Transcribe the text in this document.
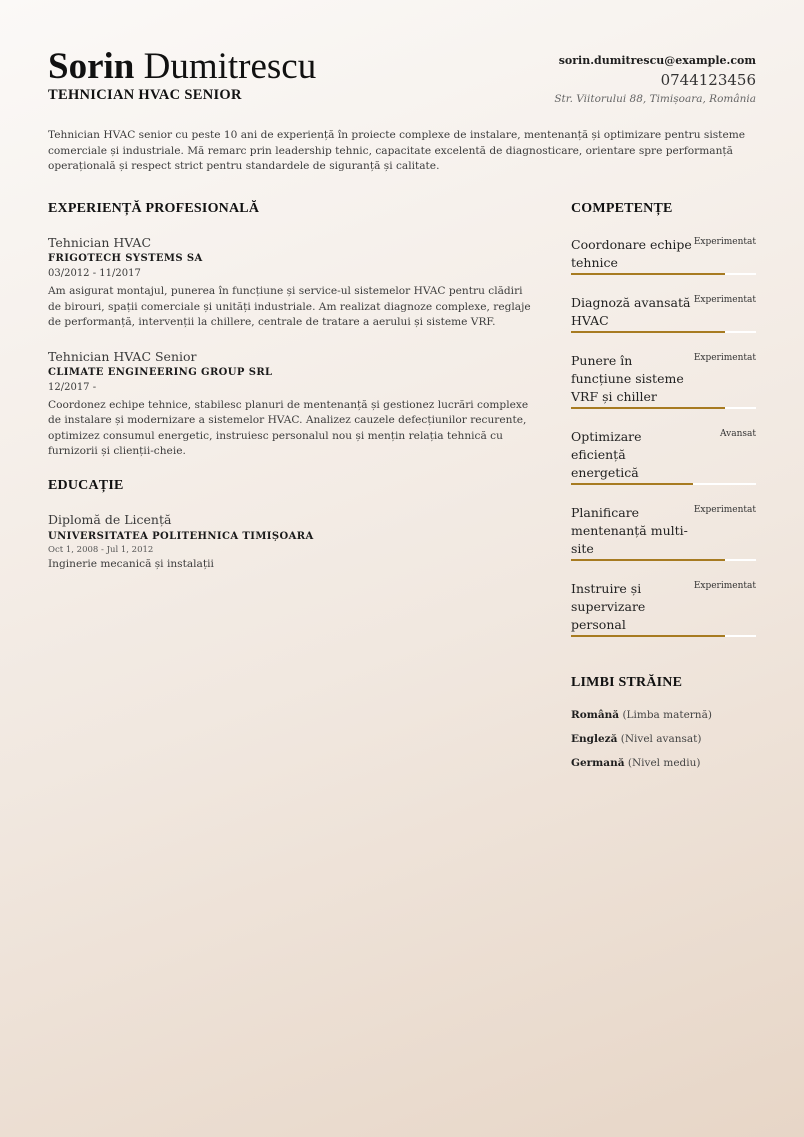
Sorin Dumitrescu
TEHNICIAN HVAC SENIOR
sorin.dumitrescu@example.com
0744123456
Str. Viitorului 88, Timișoara, România
Tehnician HVAC senior cu peste 10 ani de experiență în proiecte complexe de instalare, mentenanță și optimizare pentru sisteme comerciale și industriale. Mă remarc prin leadership tehnic, capacitate excelentă de diagnosticare, orientare spre performanță operațională și respect strict pentru standardele de siguranță și calitate.
EXPERIENȚĂ PROFESIONALĂ
Tehnician HVAC
FRIGOTECH SYSTEMS SA
03/2012 - 11/2017
Am asigurat montajul, punerea în funcțiune și service-ul sistemelor HVAC pentru clădiri de birouri, spații comerciale și unități industriale. Am realizat diagnoze complexe, reglaje de performanță, intervenții la chillere, centrale de tratare a aerului și sisteme VRF.
Tehnician HVAC Senior
CLIMATE ENGINEERING GROUP SRL
12/2017 -
Coordonez echipe tehnice, stabilesc planuri de mentenanță și gestionez lucrări complexe de instalare și modernizare a sistemelor HVAC. Analizez cauzele defecțiunilor recurente, optimizez consumul energetic, instruiesc personalul nou și mențin relația tehnică cu furnizorii și clienții-cheie.
EDUCAȚIE
Diplomă de Licență
UNIVERSITATEA POLITEHNICA TIMIȘOARA
Oct 1, 2008 - Jul 1, 2012
Inginerie mecanică și instalații
COMPETENȚE
Coordonare echipe tehnice
Experimentat
Diagnoză avansată HVAC
Experimentat
Punere în funcțiune sisteme VRF și chiller
Experimentat
Optimizare eficiență energetică
Avansat
Planificare mentenanță multi-site
Experimentat
Instruire și supervizare personal
Experimentat
LIMBI STRĂINE
Română (Limba maternă)
Engleză (Nivel avansat)
Germană (Nivel mediu)
